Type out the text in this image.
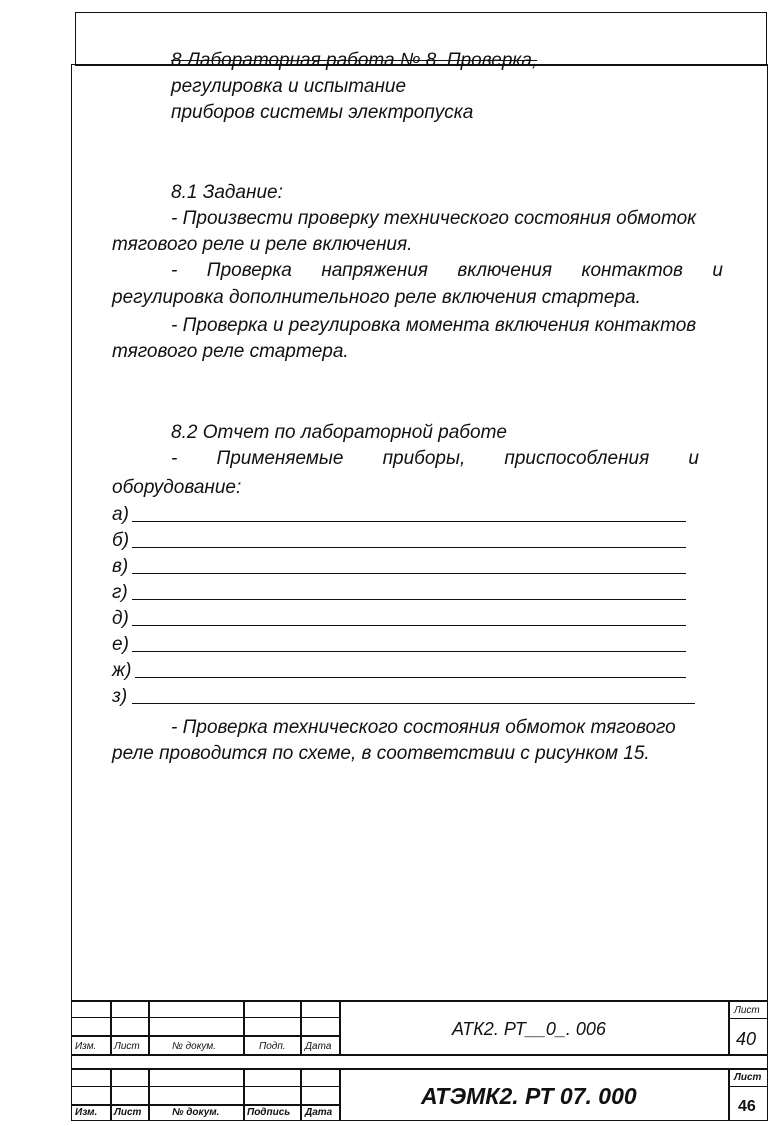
8 Лабораторная работа № 8. Проверка,
регулировка и испытание
приборов системы электропуска
8.1 Задание:
- Произвести проверку технического состояния обмоток
тягового реле и реле включения.
- Проверка напряжения включения контактов и
регулировка дополнительного реле включения стартера.
- Проверка и регулировка момента включения контактов
тягового реле стартера.
8.2 Отчет по лабораторной работе
- Применяемые приборы, приспособления и
оборудование:
а)
б)
в)
г)
д)
е)
ж)
з)
- Проверка технического состояния обмоток тягового
реле проводится по схеме, в соответствии с рисунком 15.
Изм. Лист	№ докум.	Подп. Дата
АТК2. РТ__0_. 006
Лист
40
Изм. Лист	№ докум.	Подпись Дата
АТЭМК2. РТ 07. 000
Лист
46
